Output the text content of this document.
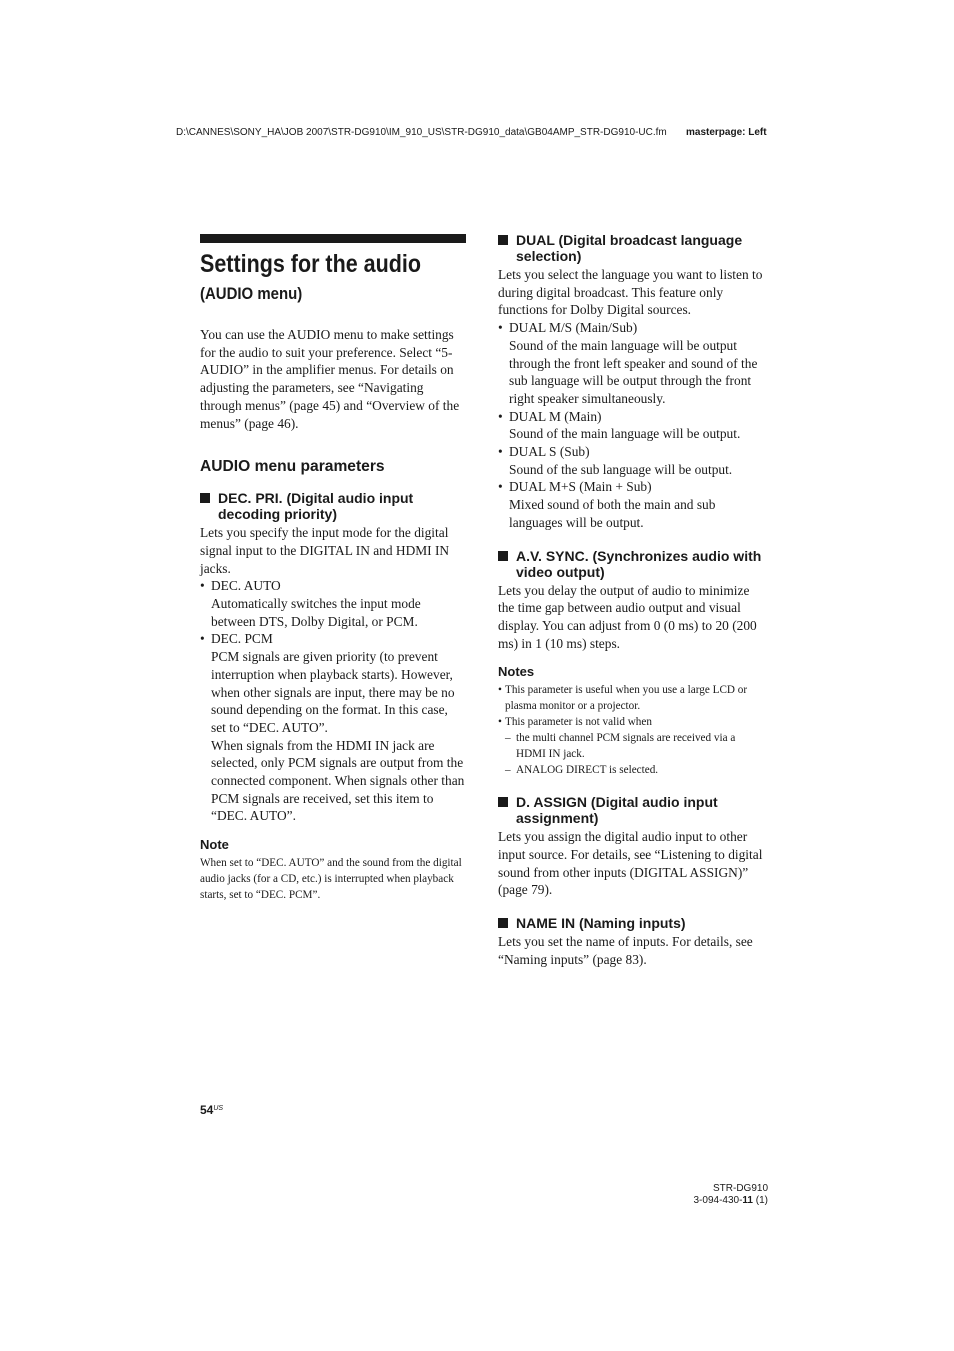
D:\CANNES\SONY_HA\JOB 2007\STR-DG910\IM_910_US\STR-DG910_data\GB04AMP_STR-DG910-UC.fm	masterpage: Left
Settings for the audio
(AUDIO menu)

You can use the AUDIO menu to make settings for the audio to suit your preference. Select “5-AUDIO” in the amplifier menus. For details on adjusting the parameters, see “Navigating through menus” (page 45) and “Overview of the menus” (page 46).

AUDIO menu parameters
DEC. PRI. (Digital audio input decoding priority)

Lets you specify the input mode for the digital signal input to the DIGITAL IN and HDMI IN jacks.

• DEC. AUTO
Automatically switches the input mode between DTS, Dolby Digital, or PCM.
• DEC. PCM
PCM signals are given priority (to prevent interruption when playback starts). However, when other signals are input, there may be no sound depending on the format. In this case, set to “DEC. AUTO”.
When signals from the HDMI IN jack are selected, only PCM signals are output from the connected component. When signals other than PCM signals are received, set this item to “DEC. AUTO”.
Note
When set to “DEC. AUTO” and the sound from the digital audio jacks (for a CD, etc.) is interrupted when playback starts, set to “DEC. PCM”.
DUAL (Digital broadcast language selection)

Lets you select the language you want to listen to during digital broadcast. This feature only functions for Dolby Digital sources.

• DUAL M/S (Main/Sub)
Sound of the main language will be output through the front left speaker and sound of the sub language will be output through the front right speaker simultaneously.
• DUAL M (Main)
Sound of the main language will be output.
• DUAL S (Sub)
Sound of the sub language will be output.
• DUAL M+S (Main + Sub)
Mixed sound of both the main and sub languages will be output.
A.V. SYNC. (Synchronizes audio with video output)

Lets you delay the output of audio to minimize the time gap between audio output and visual display. You can adjust from 0 (0 ms) to 20 (200 ms) in 1 (10 ms) steps.

Notes
• This parameter is useful when you use a large LCD or plasma monitor or a projector.
• This parameter is not valid when
– the multi channel PCM signals are received via a HDMI IN jack.
– ANALOG DIRECT is selected.
D. ASSIGN (Digital audio input assignment)

Lets you assign the digital audio input to other input source. For details, see “Listening to digital sound from other inputs (DIGITAL ASSIGN)” (page 79).

NAME IN (Naming inputs)

Lets you set the name of inputs. For details, see “Naming inputs” (page 83).

$54^{US}$
STR-DG910
3-094-430-11 (1)
